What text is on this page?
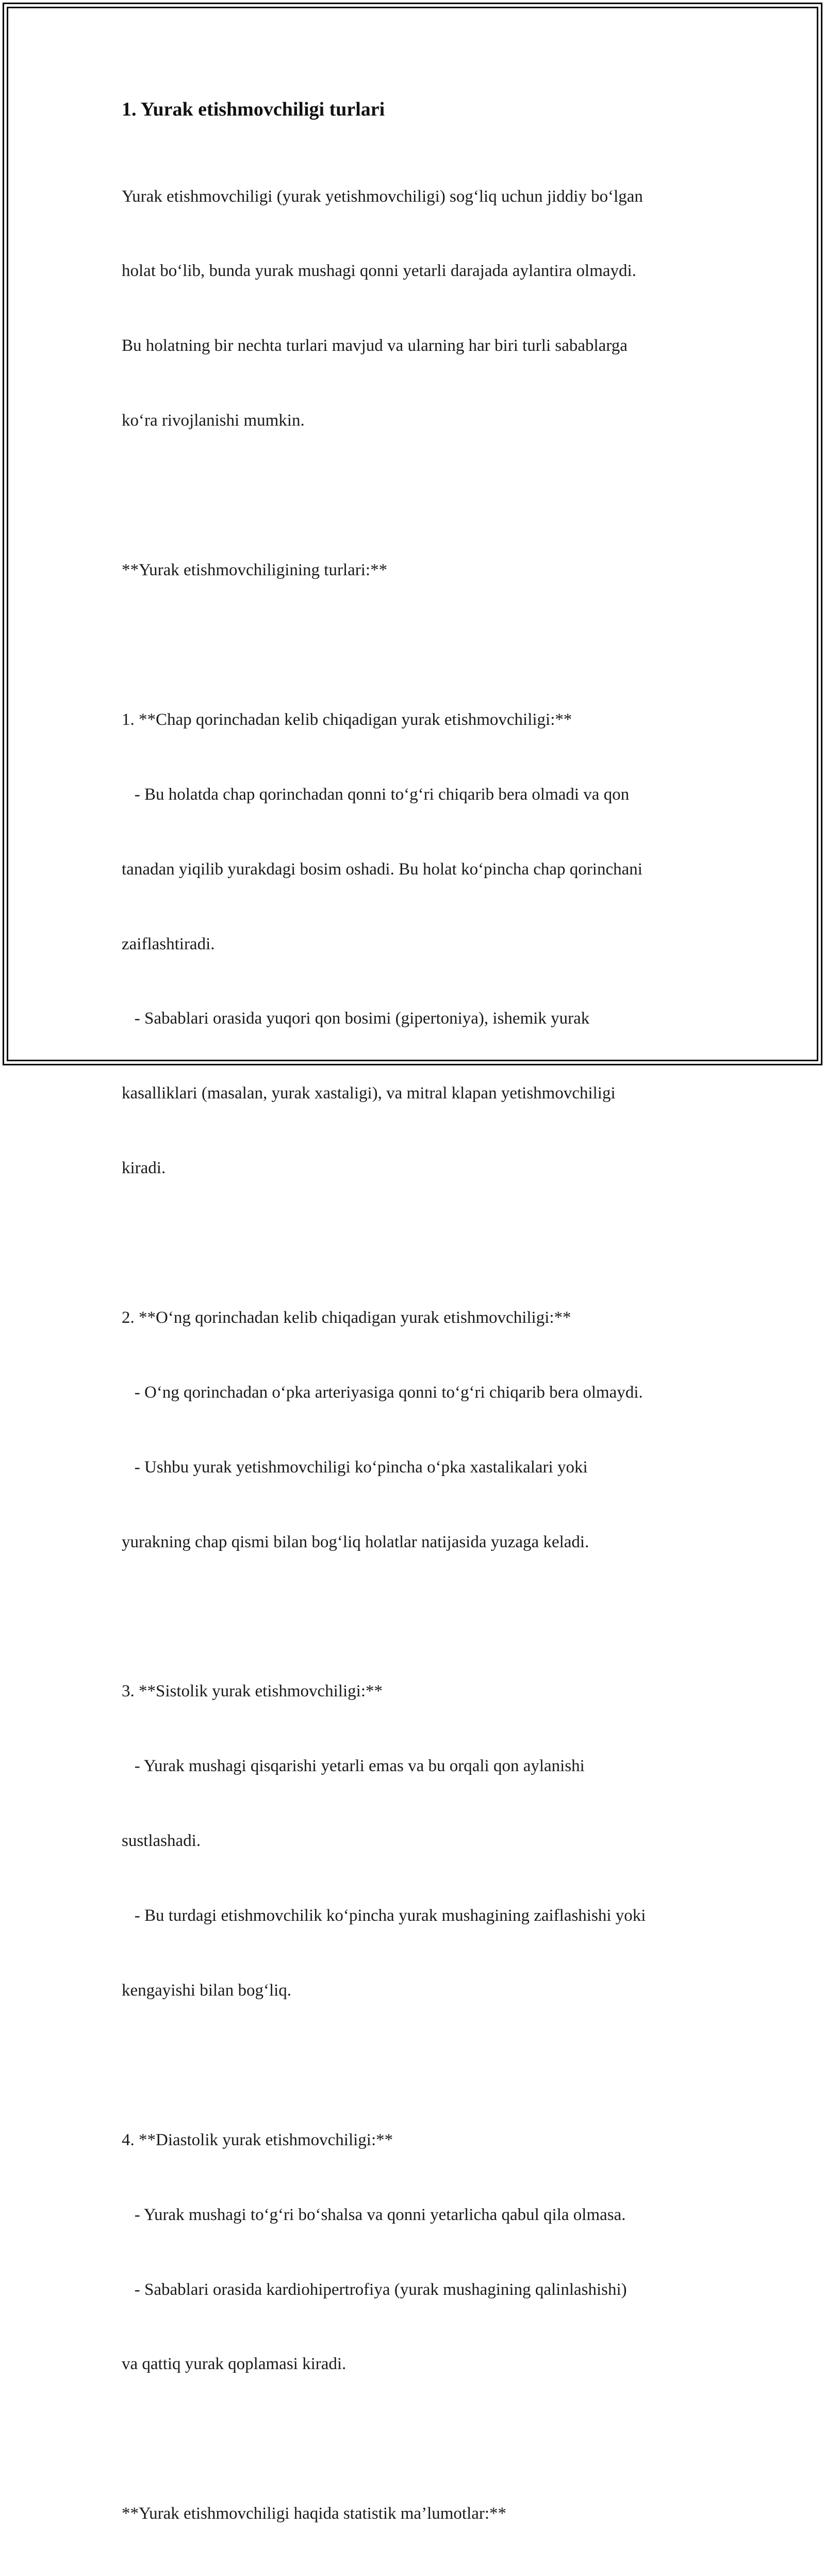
1. Yurak etishmovchiligi turlari

Yurak etishmovchiligi (yurak yetishmovchiligi) sog‘liq uchun jiddiy bo‘lgan

holat bo‘lib, bunda yurak mushagi qonni yetarli darajada aylantira olmaydi.

Bu holatning bir nechta turlari mavjud va ularning har biri turli sabablarga

ko‘ra rivojlanishi mumkin.

**Yurak etishmovchiligining turlari:**

1. **Chap qorinchadan kelib chiqadigan yurak etishmovchiligi:**

- Bu holatda chap qorinchadan qonni to‘g‘ri chiqarib bera olmadi va qon

tanadan yiqilib yurakdagi bosim oshadi. Bu holat ko‘pincha chap qorinchani

zaiflashtiradi.

- Sabablari orasida yuqori qon bosimi (gipertoniya), ishemik yurak

kasalliklari (masalan, yurak xastaligi), va mitral klapan yetishmovchiligi

kiradi.

2. **O‘ng qorinchadan kelib chiqadigan yurak etishmovchiligi:**

- O‘ng qorinchadan o‘pka arteriyasiga qonni to‘g‘ri chiqarib bera olmaydi.

- Ushbu yurak yetishmovchiligi ko‘pincha o‘pka xastalikalari yoki

yurakning chap qismi bilan bog‘liq holatlar natijasida yuzaga keladi.

3. **Sistolik yurak etishmovchiligi:**

- Yurak mushagi qisqarishi yetarli emas va bu orqali qon aylanishi

sustlashadi.

- Bu turdagi etishmovchilik ko‘pincha yurak mushagining zaiflashishi yoki

kengayishi bilan bog‘liq.

4. **Diastolik yurak etishmovchiligi:**

- Yurak mushagi to‘g‘ri bo‘shalsa va qonni yetarlicha qabul qila olmasa.

- Sabablari orasida kardiohipertrofiya (yurak mushagining qalinlashishi)

va qattiq yurak qoplamasi kiradi.

**Yurak etishmovchiligi haqida statistik ma’lumotlar:**
